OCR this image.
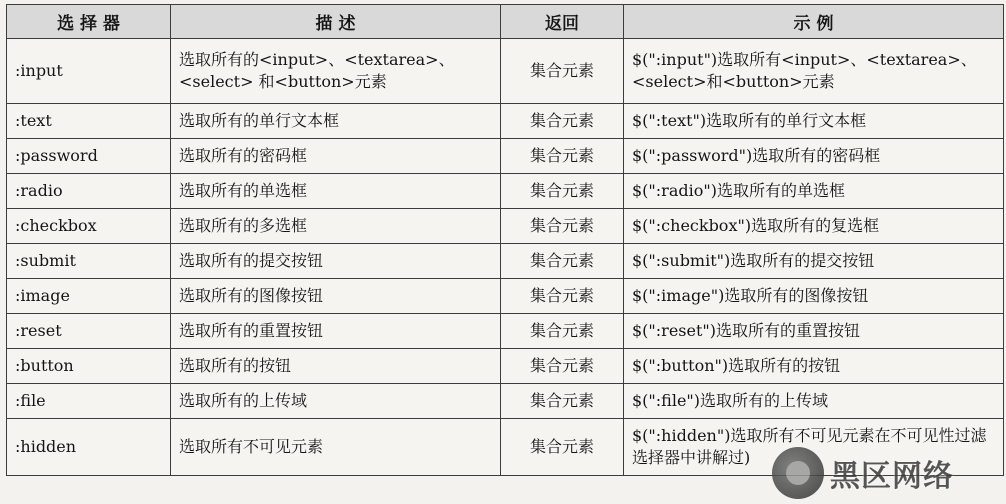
选 择 器	描 述	返回	示 例
:input	选取所有的<input>、<textarea>、<select> 和<button>元素	集合元素	$(":input")选取所有<input>、<textarea>、<select>和<button>元素
:text	选取所有的单行文本框	集合元素	$(":text")选取所有的单行文本框
:password	选取所有的密码框	集合元素	$(":password")选取所有的密码框
:radio	选取所有的单选框	集合元素	$(":radio")选取所有的单选框
:checkbox	选取所有的多选框	集合元素	$(":checkbox")选取所有的复选框
:submit	选取所有的提交按钮	集合元素	$(":submit")选取所有的提交按钮
:image	选取所有的图像按钮	集合元素	$(":image")选取所有的图像按钮
:reset	选取所有的重置按钮	集合元素	$(":reset")选取所有的重置按钮
:button	选取所有的按钮	集合元素	$(":button")选取所有的按钮
:file	选取所有的上传域	集合元素	$(":file")选取所有的上传域
:hidden	选取所有不可见元素	集合元素	$(":hidden")选取所有不可见元素在不可见性过滤选择器中讲解过)
黑区网络
